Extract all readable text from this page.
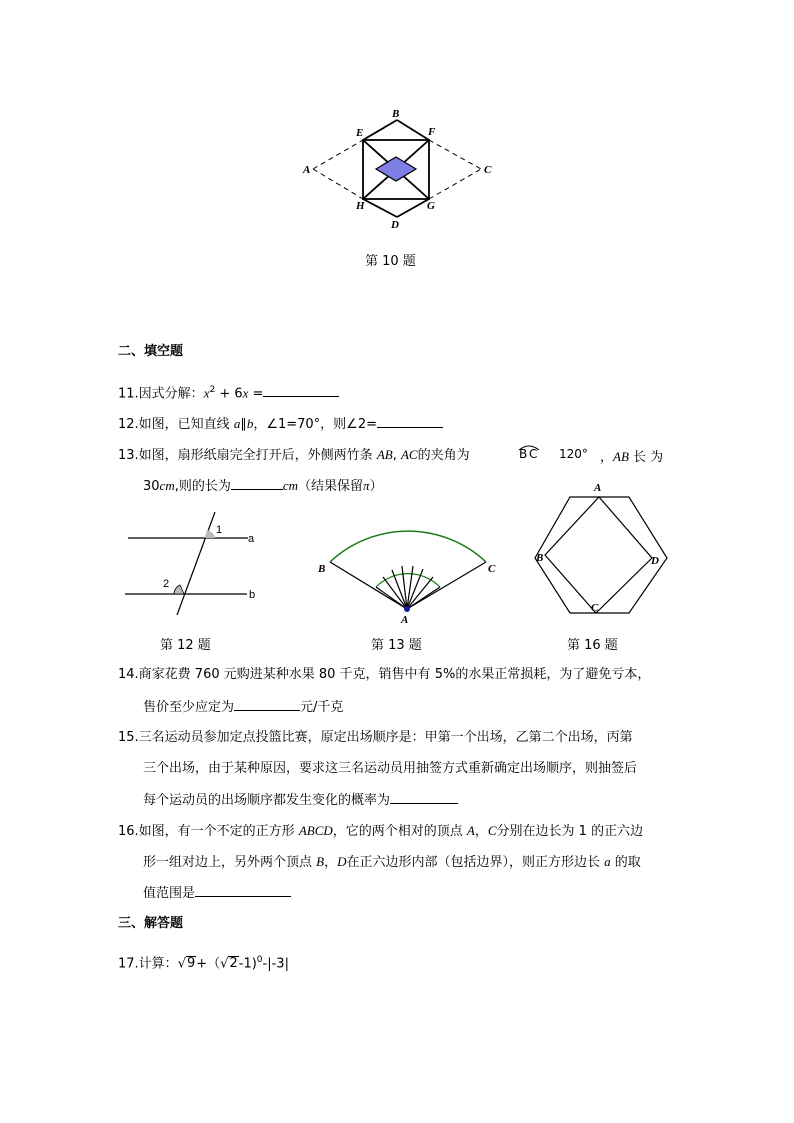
A
B
C
D
E	F
G
H
第 10 题
二、填空题
11.因式分解：$x^2 + 6x$ =
12.如图，已知直线 a∥b，∠1=70°，则∠2=
13.如图，扇形纸扇完全打开后，外侧两竹条 AB, AC的夹角为	BC 120° ，AB 长 为
30cm,则的长为	cm（结果保留π）
1
2
a
b
第 12 题
B	C
A
第 13 题
A
B
C
D
第 16 题
14.商家花费 760 元购进某种水果 80 千克，销售中有 5%的水果正常损耗，为了避免亏本，
售价至少应定为	元/千克
15.三名运动员参加定点投篮比赛，原定出场顺序是：甲第一个出场，乙第二个出场，丙第
三个出场，由于某种原因，要求这三名运动员用抽签方式重新确定出场顺序，则抽签后
每个运动员的出场顺序都发生变化的概率为
16.如图，有一个不定的正方形 ABCD，它的两个相对的顶点 A，C分别在边长为 1 的正六边
形一组对边上，另外两个顶点 B，D在正六边形内部（包括边界），则正方形边长 a 的取
值范围是
三、解答题
17.计算：√9+（√2-1)$^0$-|-3|
